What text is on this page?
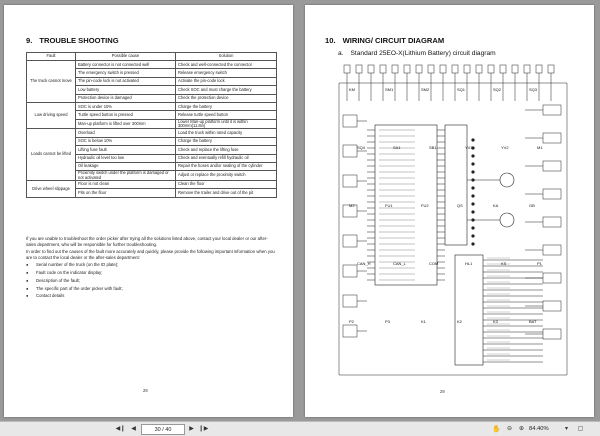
9. TROUBLE SHOOTING
Fault	Possible cause	Solution
The truck cannot move	Battery connector is not connected well	Check and well-connected the connector
	The emergency switch is pressed	Release emergency switch
	The pin-code lock is not activated	Activate the pin-code lock
	Low battery	Check SOC and must charge the battery
	Protection device is damaged	Check the protection device
Low driving speed	SOC is under 10%	Charge the battery
	Turtle speed button is pressed	Release turtle speed button
	Man-up platform is lifted over 300mm	Lower Man-up platform until it is within 300mm(11.8in)
Loads cannot be lifted	Overload	Load the truck within rated capacity
	SOC is below 10%	Charge the battery
	Lifting fuse fault	Check and replace the lifting fuse
	Hydraulic oil level too low	Check and eventually refill hydraulic oil
	Oil leakage	Repair the hoses and/or sealing of the cylinder
	Proximity switch under the platform is damaged or not activated	Adjust or replace the proximity switch
Drive wheel slippage	Floor is not clean	Clean the floor
	Pits on the floor	Remove the trailer and drive out of the pit

If you are unable to troubleshoot the order picker after trying all the solutions listed above, contact your local dealer or our after-sales department, who will be responsible for further troubleshooting.

In order to find out the causes of the fault more accurately and quickly, please provide the following important information when you are to contact the local dealer or the after-sales department:

● Serial number of the truck (on the ID plate);
● Fault code on the indicator display;
● Description of the fault;
● The specific part of the order picker with fault;
● Contact details
28
10. WIRING/ CIRCUIT DIAGRAM
a. Standard 25EO-X(Lithium Battery) circuit diagram
KM	SM1	SM2	SQ1	SQ2	SQ3
SQ4	SA1	SB1	YV1	YV2	M1
M2	FU1	FU2	QS	KA	GB
CAN_H	CAN_L	COM	HL1	KS	P1
P2	P3	K1	K2	K3	BAT
29
◀❙ ◀	30 / 40	▶ ❙▶	✋	⊖	⊕ 84.40%	▾	▢
